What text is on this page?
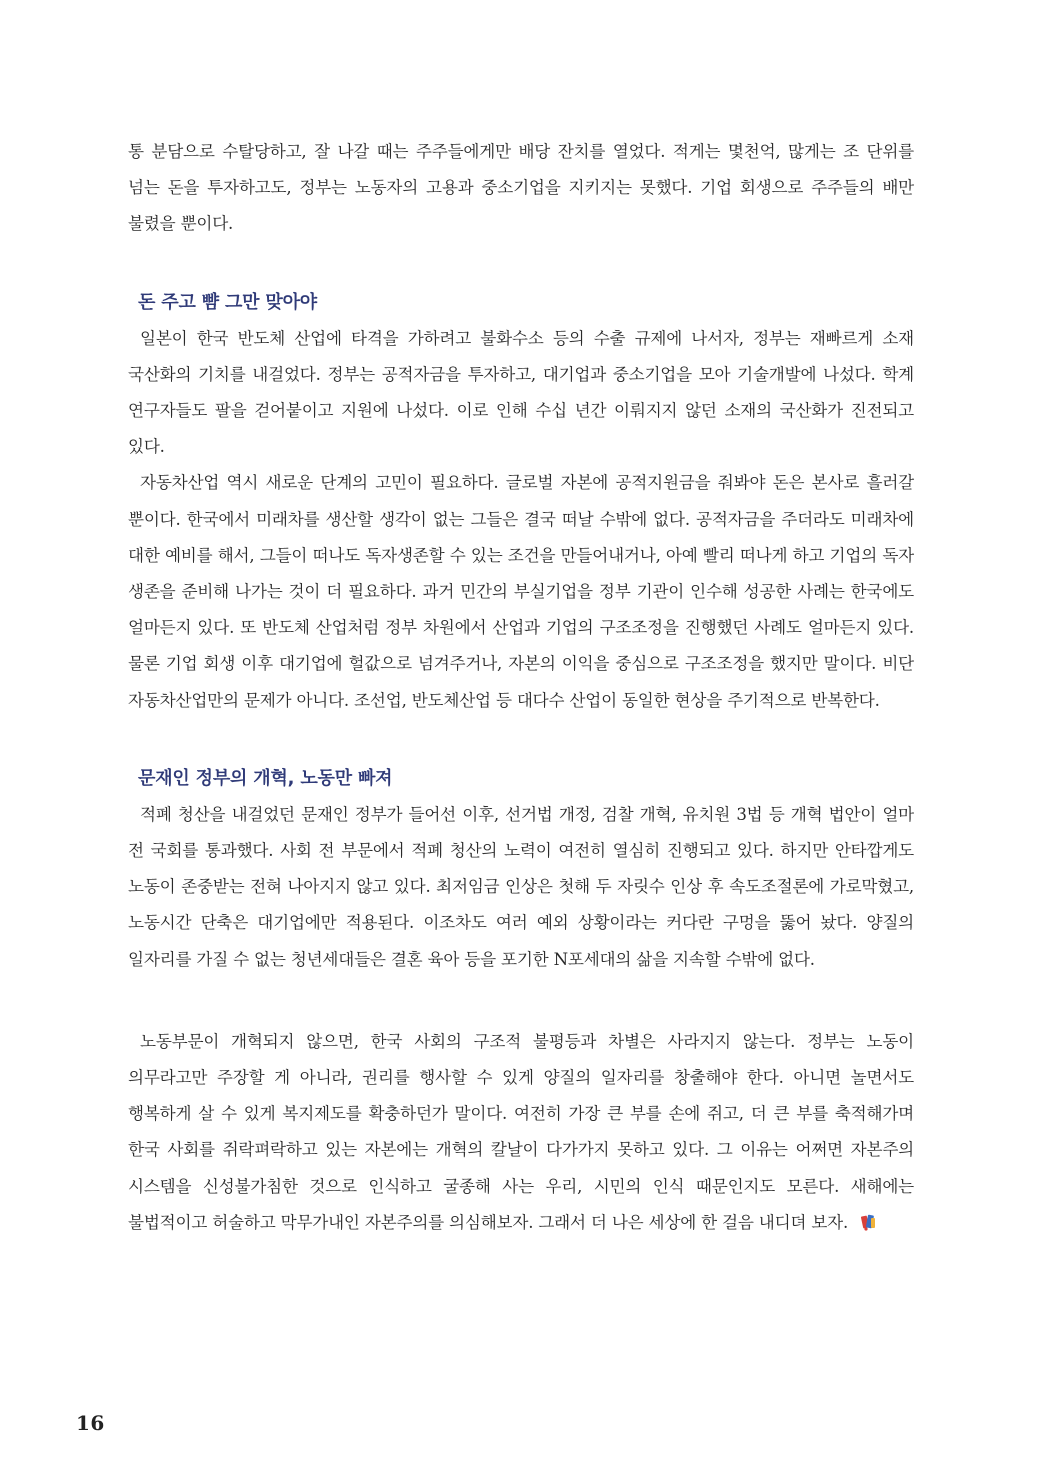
통 분담으로 수탈당하고, 잘 나갈 때는 주주들에게만 배당 잔치를 열었다. 적게는 몇천억, 많게는 조 단위를 넘는 돈을 투자하고도, 정부는 노동자의 고용과 중소기업을 지키지는 못했다. 기업 회생으로 주주들의 배만 불렸을 뿐이다.

돈 주고 뺨 그만 맞아야

일본이 한국 반도체 산업에 타격을 가하려고 불화수소 등의 수출 규제에 나서자, 정부는 재빠르게 소재 국산화의 기치를 내걸었다. 정부는 공적자금을 투자하고, 대기업과 중소기업을 모아 기술개발에 나섰다. 학계 연구자들도 팔을 걷어붙이고 지원에 나섰다. 이로 인해 수십 년간 이뤄지지 않던 소재의 국산화가 진전되고 있다.

자동차산업 역시 새로운 단계의 고민이 필요하다. 글로벌 자본에 공적지원금을 줘봐야 돈은 본사로 흘러갈 뿐이다. 한국에서 미래차를 생산할 생각이 없는 그들은 결국 떠날 수밖에 없다. 공적자금을 주더라도 미래차에 대한 예비를 해서, 그들이 떠나도 독자생존할 수 있는 조건을 만들어내거나, 아예 빨리 떠나게 하고 기업의 독자 생존을 준비해 나가는 것이 더 필요하다. 과거 민간의 부실기업을 정부 기관이 인수해 성공한 사례는 한국에도 얼마든지 있다. 또 반도체 산업처럼 정부 차원에서 산업과 기업의 구조조정을 진행했던 사례도 얼마든지 있다. 물론 기업 회생 이후 대기업에 헐값으로 넘겨주거나, 자본의 이익을 중심으로 구조조정을 했지만 말이다. 비단 자동차산업만의 문제가 아니다. 조선업, 반도체산업 등 대다수 산업이 동일한 현상을 주기적으로 반복한다.

문재인 정부의 개혁, 노동만 빠져

적폐 청산을 내걸었던 문재인 정부가 들어선 이후, 선거법 개정, 검찰 개혁, 유치원 3법 등 개혁 법안이 얼마 전 국회를 통과했다. 사회 전 부문에서 적폐 청산의 노력이 여전히 열심히 진행되고 있다. 하지만 안타깝게도 노동이 존중받는 전혀 나아지지 않고 있다. 최저임금 인상은 첫해 두 자릿수 인상 후 속도조절론에 가로막혔고, 노동시간 단축은 대기업에만 적용된다. 이조차도 여러 예외 상황이라는 커다란 구멍을 뚫어 놨다. 양질의 일자리를 가질 수 없는 청년세대들은 결혼 육아 등을 포기한 N포세대의 삶을 지속할 수밖에 없다.

노동부문이 개혁되지 않으면, 한국 사회의 구조적 불평등과 차별은 사라지지 않는다. 정부는 노동이 의무라고만 주장할 게 아니라, 권리를 행사할 수 있게 양질의 일자리를 창출해야 한다. 아니면 놀면서도 행복하게 살 수 있게 복지제도를 확충하던가 말이다. 여전히 가장 큰 부를 손에 쥐고, 더 큰 부를 축적해가며 한국 사회를 쥐락펴락하고 있는 자본에는 개혁의 칼날이 다가가지 못하고 있다. 그 이유는 어쩌면 자본주의 시스템을 신성불가침한 것으로 인식하고 굴종해 사는 우리, 시민의 인식 때문인지도 모른다. 새해에는 불법적이고 허술하고 막무가내인 자본주의를 의심해보자. 그래서 더 나은 세상에 한 걸음 내디뎌 보자.

16
